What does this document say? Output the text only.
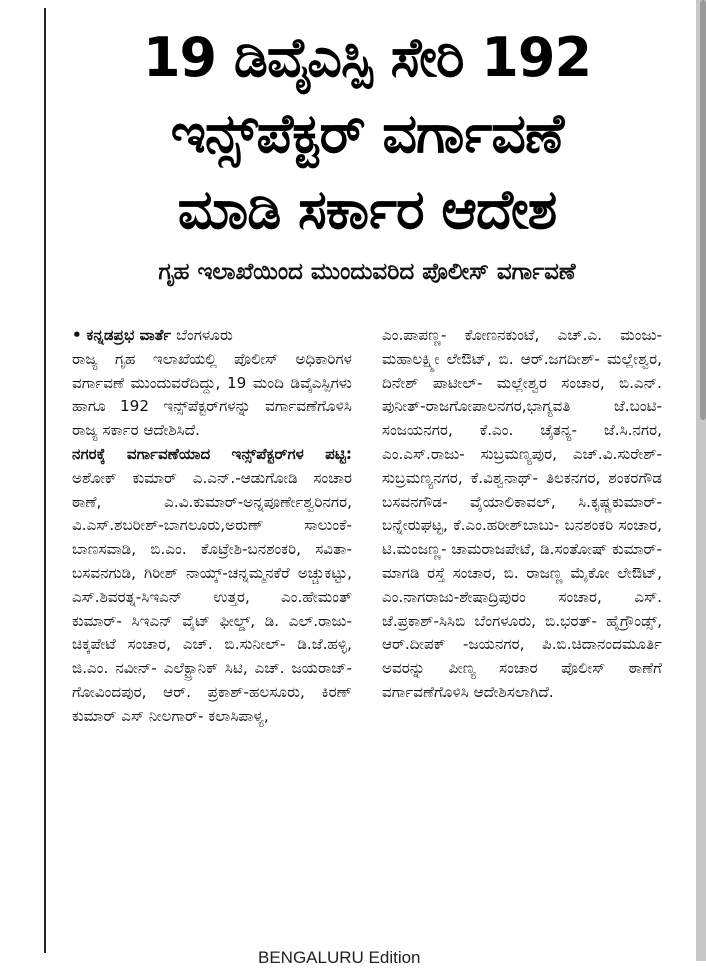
19 ಡಿವೈಎಸ್ಪಿ ಸೇರಿ 192
ಇನ್ಸ್‌ಪೆಕ್ಟರ್ ವರ್ಗಾವಣೆ
ಮಾಡಿ ಸರ್ಕಾರ ಆದೇಶ
ಗೃಹ ಇಲಾಖೆಯಿಂದ ಮುಂದುವರಿದ ಪೊಲೀಸ್ ವರ್ಗಾವಣೆ

• ಕನ್ನಡಪ್ರಭ ವಾರ್ತೆ ಬೆಂಗಳೂರು

ರಾಜ್ಯ ಗೃಹ ಇಲಾಖೆಯಲ್ಲಿ ಪೊಲೀಸ್ ಅಧಿಕಾರಿಗಳ ವರ್ಗಾವಣೆ ಮುಂದುವರೆದಿದ್ದು, 19 ಮಂದಿ ಡಿವೈಎಸ್ಪಿಗಳು ಹಾಗೂ 192 ಇನ್ಸ್‌ಪೆಕ್ಟರ್‌ಗಳನ್ನು ವರ್ಗಾವಣೆಗೊಳಿಸಿ ರಾಜ್ಯ ಸರ್ಕಾರ ಆದೇಶಿಸಿದೆ.

ನಗರಕ್ಕೆ ವರ್ಗಾವಣೆಯಾದ ಇನ್ಸ್‌ಪೆಕ್ಟರ್‌ಗಳ ಪಟ್ಟಿ: ಅಶೋಕ್ ಕುಮಾರ್ ಎ.ಎನ್.-ಆಡುಗೋಡಿ ಸಂಚಾರ ಠಾಣೆ, ಎ.ವಿ.ಕುಮಾರ್-ಅನ್ನಪೂರ್ಣೇಶ್ವರಿನಗರ, ವಿ.ಎಸ್.ಶಬರೀಶ್-ಬಾಗಲೂರು,ಅರುಣ್ ಸಾಲುಂಕೆ-ಬಾಣಸವಾಡಿ, ಬಿ.ಎಂ. ಕೊಟ್ರೇಶಿ-ಬನಶಂಕರಿ, ಸವಿತಾ-ಬಸವನಗುಡಿ, ಗಿರೀಶ್ ನಾಯ್ಕ್-ಚನ್ನಮ್ಮನಕೆರೆ ಅಚ್ಚುಕಟ್ಟು, ಎಸ್.ಶಿವರತ್ನ-ಸಿಇಎನ್ ಉತ್ತರ, ಎಂ.ಹೇಮಂತ್ ಕುಮಾರ್- ಸಿಇಎನ್ ವೈಟ್ ಫೀಲ್ಡ್, ಡಿ. ಎಲ್.ರಾಜು- ಚಿಕ್ಕಪೇಟೆ ಸಂಚಾರ, ಎಚ್. ಬಿ.ಸುನೀಲ್- ಡಿ.ಜೆ.ಹಳ್ಳಿ, ಜಿ.ಎಂ. ನವೀನ್- ಎಲೆಕ್ಟ್ರಾನಿಕ್ ಸಿಟಿ, ಎಚ್. ಜಯರಾಜ್-ಗೋವಿಂದಪುರ, ಆರ್. ಪ್ರಕಾಶ್-ಹಲಸೂರು, ಕಿರಣ್ ಕುಮಾರ್ ಎಸ್ ನೀಲಗಾರ್- ಕಲಾಸಿಪಾಳ್ಯ,

ಎಂ.ಪಾಪಣ್ಣ- ಕೋಣನಕುಂಟೆ, ಎಚ್.ಎ. ಮಂಜು- ಮಹಾಲಕ್ಷ್ಮೀ ಲೇಔಟ್, ಬಿ. ಆರ್.ಜಗದೀಶ್- ಮಲ್ಲೇಶ್ವರ, ದಿನೇಶ್ ಪಾಟೀಲ್- ಮಲ್ಲೇಶ್ವರ ಸಂಚಾರ, ಬಿ.ಎನ್. ಪುನೀತ್-ರಾಜಗೋಪಾಲನಗರ,ಭಾಗ್ಯವತಿ ಜೆ.ಬಂಟಿ- ಸಂಜಯನಗರ, ಕೆ.ಎಂ. ಚೈತನ್ಯ- ಜೆ.ಸಿ.ನಗರ, ಎಂ.ಎಸ್.ರಾಜು- ಸುಬ್ರಮಣ್ಯಪುರ, ಎಚ್.ವಿ.ಸುರೇಶ್- ಸುಬ್ರಮಣ್ಯನಗರ, ಕೆ.ವಿಶ್ವನಾಥ್- ತಿಲಕನಗರ, ಶಂಕರಗೌಡ ಬಸವನಗೌಡ- ವೈಯಾಲಿಕಾವಲ್, ಸಿ.ಕೃಷ್ಣಕುಮಾರ್- ಬನ್ನೇರುಘಟ್ಟ, ಕೆ.ಎಂ.ಹರೀಶ್‌ಬಾಬು- ಬನಶಂಕರಿ ಸಂಚಾರ, ಟಿ.ಮಂಜಣ್ಣ- ಚಾಮರಾಜಪೇಟೆ, ಡಿ.ಸಂತೋಷ್ ಕುಮಾರ್- ಮಾಗಡಿ ರಸ್ತೆ ಸಂಚಾರ, ಬಿ. ರಾಜಣ್ಣ ಮೈಕೋ ಲೇಔಟ್, ಎಂ.ನಾಗರಾಜು-ಶೇಷಾದ್ರಿಪುರಂ ಸಂಚಾರ, ಎಸ್. ಜೆ.ಪ್ರಕಾಶ್-ಸಿಸಿಬಿ ಬೆಂಗಳೂರು, ಬಿ.ಭರತ್- ಹೈಗ್ರೌಂಡ್ಸ್, ಆರ್.ದೀಪಕ್ -ಜಯನಗರ, ಪಿ.ಬಿ.ಚಿದಾನಂದಮೂರ್ತಿ ಅವರನ್ನು ಪೀಣ್ಯ ಸಂಚಾರ ಪೊಲೀಸ್ ಠಾಣೆಗೆ ವರ್ಗಾವಣೆಗೊಳಿಸಿ ಆದೇಶಿಸಲಾಗಿದೆ.

BENGALURU Edition
